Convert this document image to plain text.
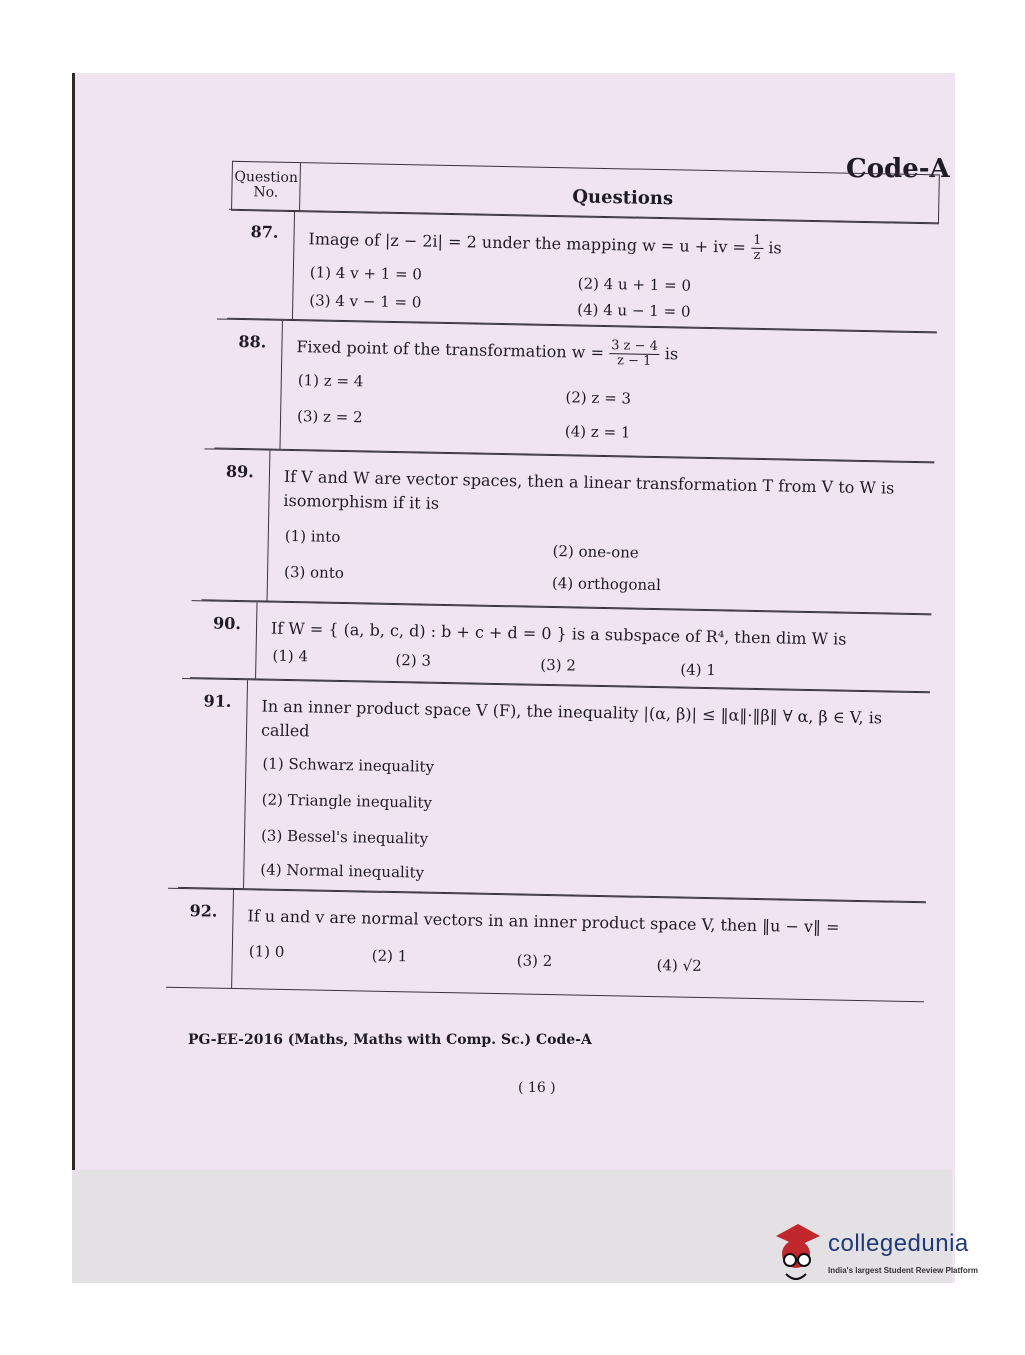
Code-A
Question No.	Questions
87. Image of |z − 2i| = 2 under the mapping w = u + iv = $\frac{1}{z}$ is
(1) 4 v + 1 = 0
(2) 4 u + 1 = 0
(3) 4 v − 1 = 0	(4) 4 u − 1 = 0
88. Fixed point of the transformation $w = \frac{3 z - 4}{z - 1}$ is
(1) z = 4
(2) z = 3
(3) z = 2
(4) z = 1
89. If V and W are vector spaces, then a linear transformation T from V to W is isomorphism if it is
(1) into
(2) one-one
(3) onto
(4) orthogonal
90. If W = { (a, b, c, d) : b + c + d = 0 } is a subspace of R⁴, then dim W is
(1) 4	(2) 3	(3) 2	(4) 1
91. In an inner product space V (F), the inequality |(α, β)| ≤ ‖α‖·‖β‖ ∀ α, β ∈ V, is called
(1) Schwarz inequality
(2) Triangle inequality
(3) Bessel's inequality
(4) Normal inequality
92. If u and v are normal vectors in an inner product space V, then ‖u − v‖ =
(1) 0	(2) 1	(3) 2	(4) √2
PG-EE-2016 (Maths, Maths with Comp. Sc.) Code-A
( 16 )
collegedunia
India's largest Student Review Platform
